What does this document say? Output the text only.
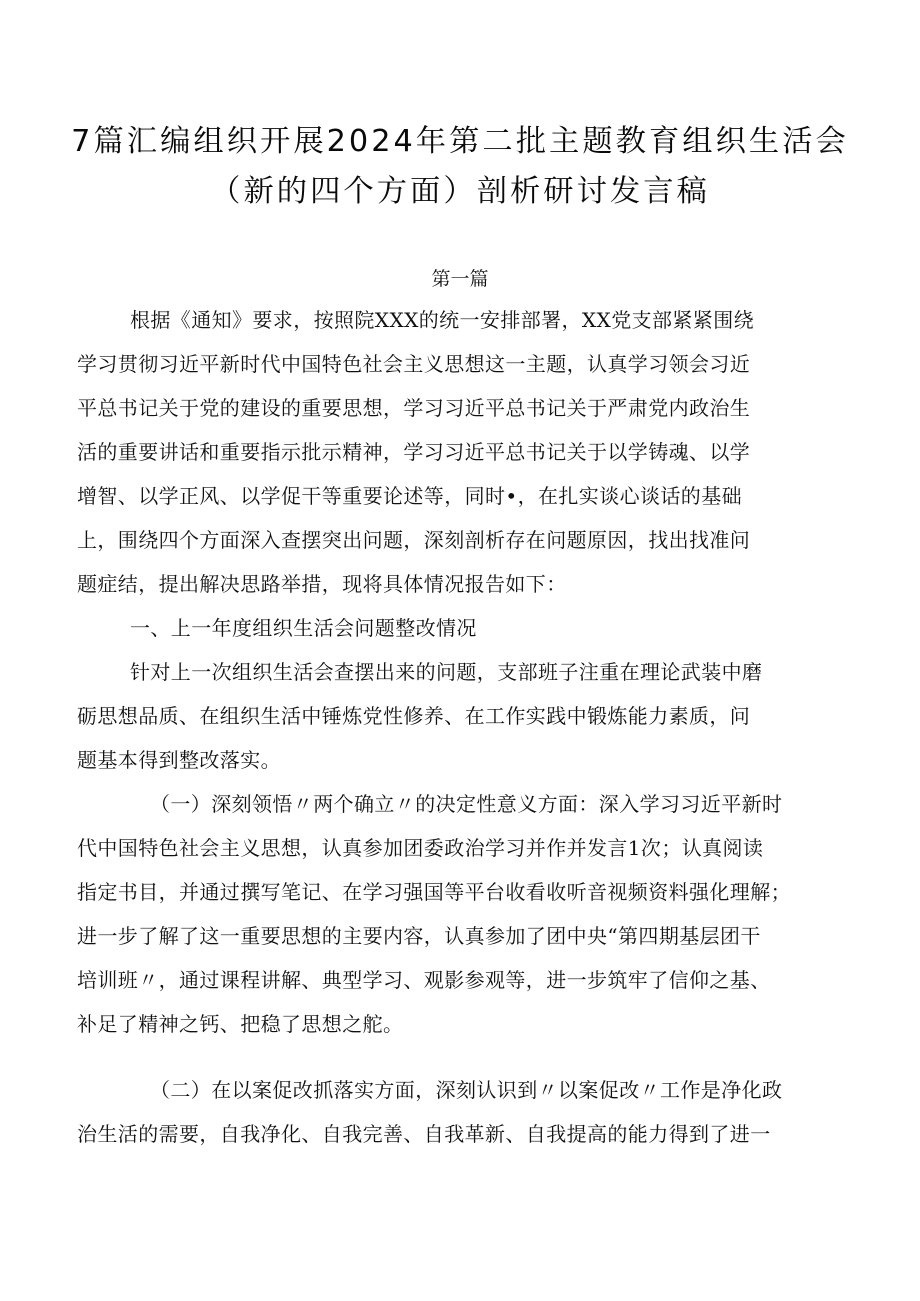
7篇汇编组织开展2024年第二批主题教育组织生活会
（新的四个方面）剖析研讨发言稿
第一篇
根据《通知》要求，按照院XXX的统一安排部署，XX党支部紧紧围绕
学习贯彻习近平新时代中国特色社会主义思想这一主题，认真学习领会习近
平总书记关于党的建设的重要思想，学习习近平总书记关于严肃党内政治生
活的重要讲话和重要指示批示精神，学习习近平总书记关于以学铸魂、以学
增智、以学正风、以学促干等重要论述等，同时•，在扎实谈心谈话的基础
上，围绕四个方面深入查摆突出问题，深刻剖析存在问题原因，找出找准问
题症结，提出解决思路举措，现将具体情况报告如下：
一、上一年度组织生活会问题整改情况
针对上一次组织生活会查摆出来的问题，支部班子注重在理论武装中磨
砺思想品质、在组织生活中锤炼党性修养、在工作实践中锻炼能力素质，问
题基本得到整改落实。
（一）深刻领悟〃两个确立〃的决定性意义方面：深入学习习近平新时
代中国特色社会主义思想，认真参加团委政治学习并作并发言1次；认真阅读
指定书目，并通过撰写笔记、在学习强国等平台收看收听音视频资料强化理解；
进一步了解了这一重要思想的主要内容，认真参加了团中央“第四期基层团干
培训班〃，通过课程讲解、典型学习、观影参观等，进一步筑牢了信仰之基、
补足了精神之钙、把稳了思想之舵。
（二）在以案促改抓落实方面，深刻认识到〃以案促改〃工作是净化政
治生活的需要，自我净化、自我完善、自我革新、自我提高的能力得到了进一
